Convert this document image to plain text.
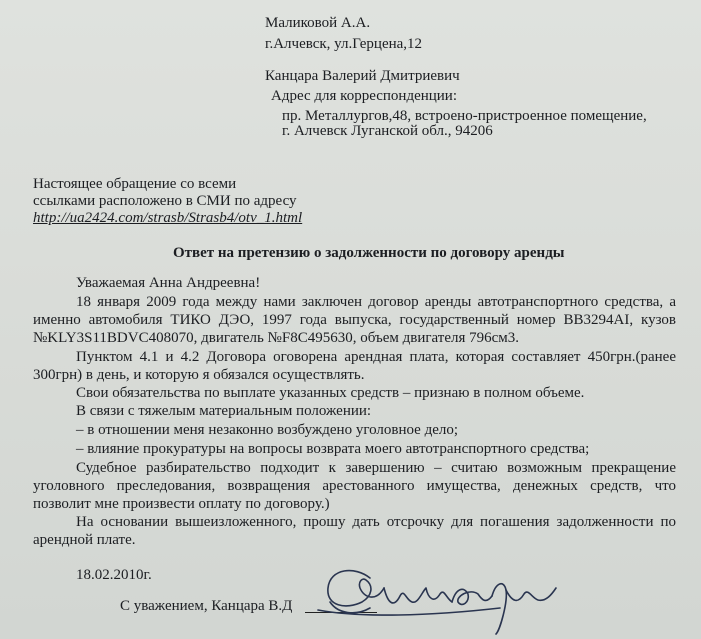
Маликовой А.А.
г.Алчевск, ул.Герцена,12
Канцара Валерий Дмитриевич
Адрес для корреспонденции:
пр. Металлургов,48, встроено-пристроенное помещение,
г. Алчевск Луганской обл., 94206
Настоящее обращение со всеми
ссылками расположено в СМИ по адресу
http://ua2424.com/strasb/Strasb4/otv_1.html
Ответ на претензию о задолженности по договору аренды
Уважаемая Анна Андреевна!
18 января 2009 года между нами заключен договор аренды автотранспортного средства, а
именно автомобиля ТИКО ДЭО, 1997 года выпуска, государственный номер ВВ3294АІ, кузов
№KLY3S11BDVC408070, двигатель №F8C495630, объем двигателя 796см3.
Пунктом 4.1 и 4.2 Договора оговорена арендная плата, которая составляет 450грн.(ранее
300грн) в день, и которую я обязался осуществлять.
Свои обязательства по выплате указанных средств – признаю в полном объеме.
В связи с тяжелым материальным положении:
– в отношении меня незаконно возбуждено уголовное дело;
– влияние прокуратуры на вопросы возврата моего автотранспортного средства;
Судебное разбирательство подходит к завершению – считаю возможным прекращение
уголовного преследования, возвращения арестованного имущества, денежных средств, что
позволит мне произвести оплату по договору.)
На основании вышеизложенного, прошу дать отсрочку для погашения задолженности по
арендной плате.
18.02.2010г.
С уважением, Канцара В.Д
